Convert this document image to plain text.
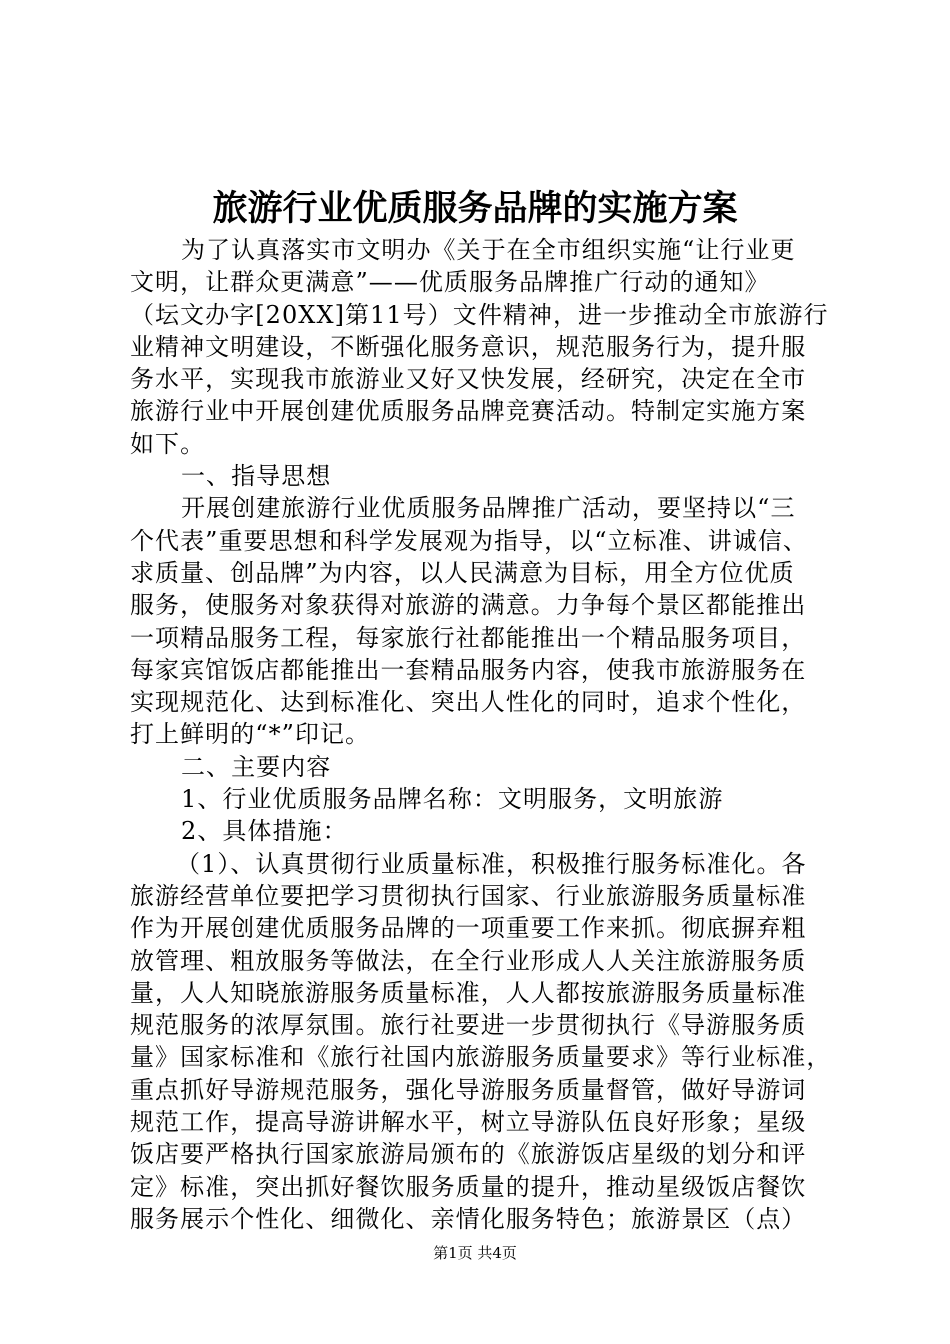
旅游行业优质服务品牌的实施方案
为了认真落实市文明办《关于在全市组织实施“让行业更
文明，让群众更满意”——优质服务品牌推广行动的通知》
（坛文办字[20XX]第11号）文件精神，进一步推动全市旅游行
业精神文明建设，不断强化服务意识，规范服务行为，提升服
务水平，实现我市旅游业又好又快发展，经研究，决定在全市
旅游行业中开展创建优质服务品牌竞赛活动。特制定实施方案
如下。
一、指导思想
开展创建旅游行业优质服务品牌推广活动，要坚持以“三
个代表”重要思想和科学发展观为指导，以“立标准、讲诚信、
求质量、创品牌”为内容，以人民满意为目标，用全方位优质
服务，使服务对象获得对旅游的满意。力争每个景区都能推出
一项精品服务工程，每家旅行社都能推出一个精品服务项目，
每家宾馆饭店都能推出一套精品服务内容，使我市旅游服务在
实现规范化、达到标准化、突出人性化的同时，追求个性化，
打上鲜明的“*”印记。
二、主要内容
1、行业优质服务品牌名称：文明服务，文明旅游
2、具体措施：
（1）、认真贯彻行业质量标准，积极推行服务标准化。各
旅游经营单位要把学习贯彻执行国家、行业旅游服务质量标准
作为开展创建优质服务品牌的一项重要工作来抓。彻底摒弃粗
放管理、粗放服务等做法，在全行业形成人人关注旅游服务质
量，人人知晓旅游服务质量标准，人人都按旅游服务质量标准
规范服务的浓厚氛围。旅行社要进一步贯彻执行《导游服务质
量》国家标准和《旅行社国内旅游服务质量要求》等行业标准，
重点抓好导游规范服务，强化导游服务质量督管，做好导游词
规范工作，提高导游讲解水平，树立导游队伍良好形象；星级
饭店要严格执行国家旅游局颁布的《旅游饭店星级的划分和评
定》标准，突出抓好餐饮服务质量的提升，推动星级饭店餐饮
服务展示个性化、细微化、亲情化服务特色；旅游景区（点）
第1页 共4页
